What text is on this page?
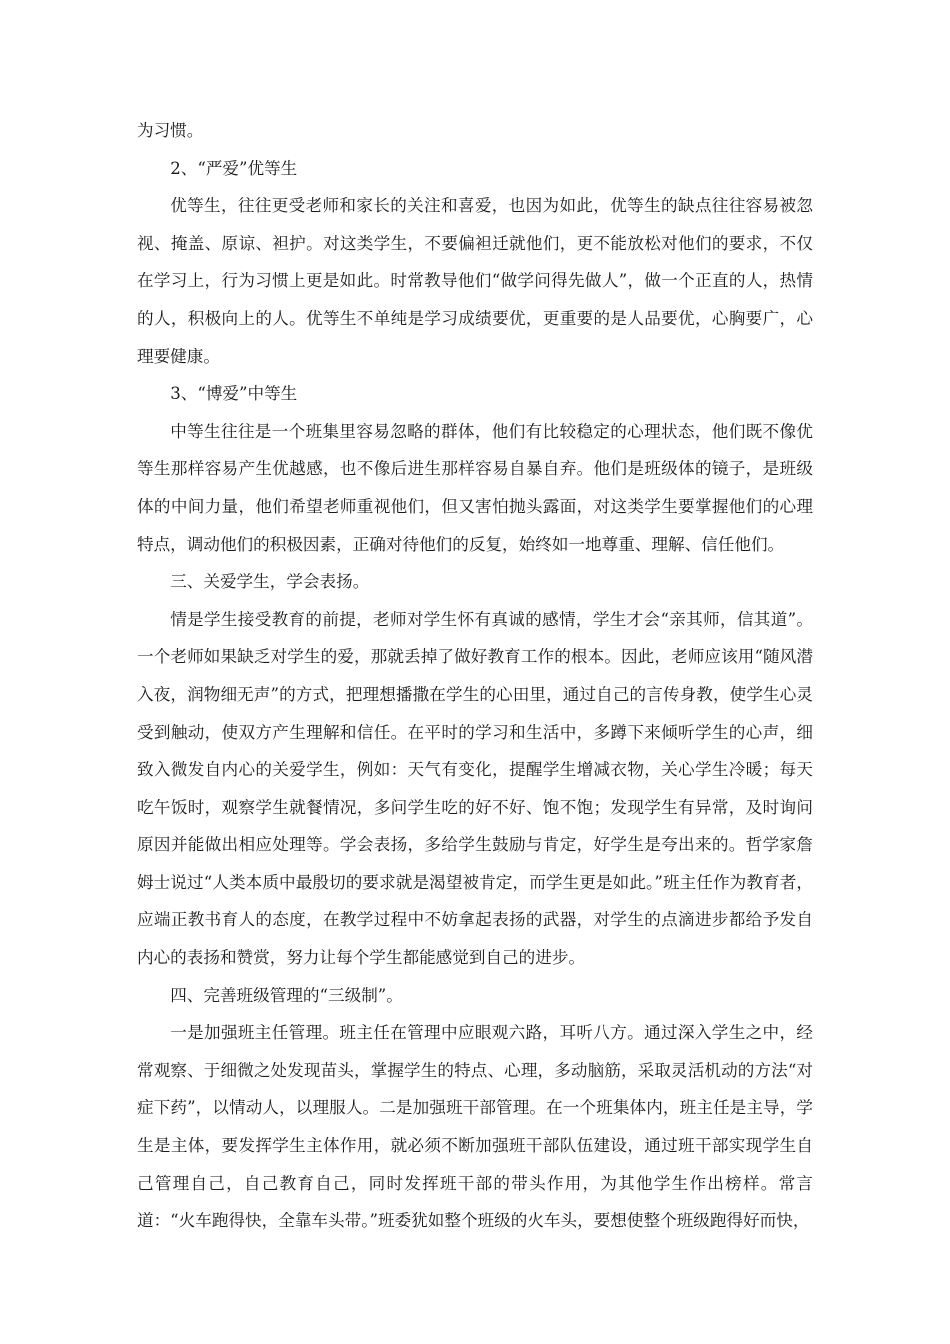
为习惯。

2、“严爱”优等生

优等生，往往更受老师和家长的关注和喜爱，也因为如此，优等生的缺点往往容易被忽视、掩盖、原谅、袒护。对这类学生，不要偏袒迁就他们，更不能放松对他们的要求，不仅在学习上，行为习惯上更是如此。时常教导他们“做学问得先做人”，做一个正直的人，热情的人，积极向上的人。优等生不单纯是学习成绩要优，更重要的是人品要优，心胸要广，心理要健康。

3、“博爱”中等生

中等生往往是一个班集里容易忽略的群体，他们有比较稳定的心理状态，他们既不像优等生那样容易产生优越感，也不像后进生那样容易自暴自弃。他们是班级体的镜子，是班级体的中间力量，他们希望老师重视他们，但又害怕抛头露面，对这类学生要掌握他们的心理特点，调动他们的积极因素，正确对待他们的反复，始终如一地尊重、理解、信任他们。

三、关爱学生，学会表扬。

情是学生接受教育的前提，老师对学生怀有真诚的感情，学生才会“亲其师，信其道”。一个老师如果缺乏对学生的爱，那就丢掉了做好教育工作的根本。因此，老师应该用“随风潜入夜，润物细无声”的方式，把理想播撒在学生的心田里，通过自己的言传身教，使学生心灵受到触动，使双方产生理解和信任。在平时的学习和生活中，多蹲下来倾听学生的心声，细致入微发自内心的关爱学生，例如：天气有变化，提醒学生增减衣物，关心学生冷暖；每天吃午饭时，观察学生就餐情况，多问学生吃的好不好、饱不饱；发现学生有异常，及时询问原因并能做出相应处理等。学会表扬，多给学生鼓励与肯定，好学生是夸出来的。哲学家詹姆士说过“人类本质中最殷切的要求就是渴望被肯定，而学生更是如此。”班主任作为教育者，应端正教书育人的态度，在教学过程中不妨拿起表扬的武器，对学生的点滴进步都给予发自内心的表扬和赞赏，努力让每个学生都能感觉到自己的进步。

四、完善班级管理的“三级制”。

一是加强班主任管理。班主任在管理中应眼观六路，耳听八方。通过深入学生之中，经常观察、于细微之处发现苗头，掌握学生的特点、心理，多动脑筋，采取灵活机动的方法“对症下药”，以情动人，以理服人。二是加强班干部管理。在一个班集体内，班主任是主导，学生是主体，要发挥学生主体作用，就必须不断加强班干部队伍建设，通过班干部实现学生自己管理自己，自己教育自己，同时发挥班干部的带头作用，为其他学生作出榜样。常言道：“火车跑得快，全靠车头带。”班委犹如整个班级的火车头，要想使整个班级跑得好而快，
